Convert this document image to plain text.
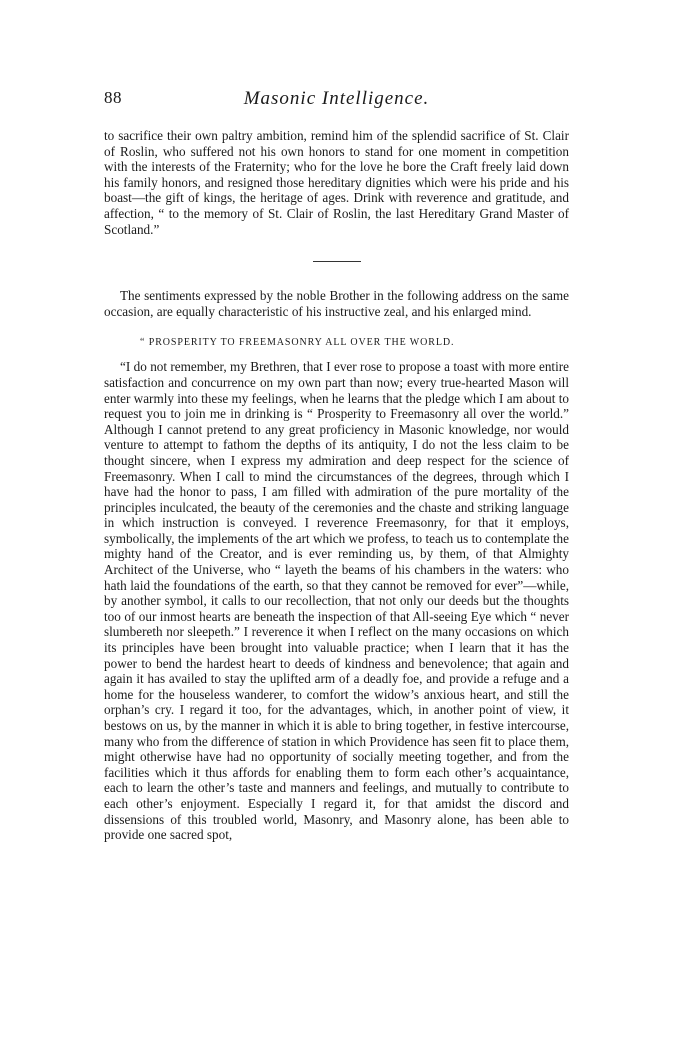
88	Masonic Intelligence.

to sacrifice their own paltry ambition, remind him of the splendid sacrifice of St. Clair of Roslin, who suffered not his own honors to stand for one moment in competition with the interests of the Fraternity; who for the love he bore the Craft freely laid down his family honors, and resigned those hereditary dignities which were his pride and his boast—the gift of kings, the heritage of ages. Drink with reverence and gratitude, and affection, “ to the memory of St. Clair of Roslin, the last Hereditary Grand Master of Scotland.”

The sentiments expressed by the noble Brother in the following address on the same occasion, are equally characteristic of his instructive zeal, and his enlarged mind.

“ PROSPERITY TO FREEMASONRY ALL OVER THE WORLD.

“I do not remember, my Brethren, that I ever rose to propose a toast with more entire satisfaction and concurrence on my own part than now; every true-hearted Mason will enter warmly into these my feelings, when he learns that the pledge which I am about to request you to join me in drinking is “ Prosperity to Freemasonry all over the world.” Although I cannot pretend to any great proficiency in Masonic knowledge, nor would venture to attempt to fathom the depths of its antiquity, I do not the less claim to be thought sincere, when I express my admiration and deep respect for the science of Freemasonry. When I call to mind the circumstances of the degrees, through which I have had the honor to pass, I am filled with admiration of the pure mortality of the principles inculcated, the beauty of the ceremonies and the chaste and striking language in which instruction is conveyed. I reverence Freemasonry, for that it employs, symbolically, the implements of the art which we profess, to teach us to contemplate the mighty hand of the Creator, and is ever reminding us, by them, of that Almighty Architect of the Universe, who “ layeth the beams of his chambers in the waters: who hath laid the foundations of the earth, so that they cannot be removed for ever”—while, by another symbol, it calls to our recollection, that not only our deeds but the thoughts too of our inmost hearts are beneath the inspection of that All-seeing Eye which “ never slumbereth nor sleepeth.” I reverence it when I reflect on the many occasions on which its principles have been brought into valuable practice; when I learn that it has the power to bend the hardest heart to deeds of kindness and benevolence; that again and again it has availed to stay the uplifted arm of a deadly foe, and provide a refuge and a home for the houseless wanderer, to comfort the widow’s anxious heart, and still the orphan’s cry. I regard it too, for the advantages, which, in another point of view, it bestows on us, by the manner in which it is able to bring together, in festive intercourse, many who from the difference of station in which Providence has seen fit to place them, might otherwise have had no opportunity of socially meeting together, and from the facilities which it thus affords for enabling them to form each other’s acquaintance, each to learn the other’s taste and manners and feelings, and mutually to contribute to each other’s enjoyment. Especially I regard it, for that amidst the discord and dissensions of this troubled world, Masonry, and Masonry alone, has been able to provide one sacred spot,
